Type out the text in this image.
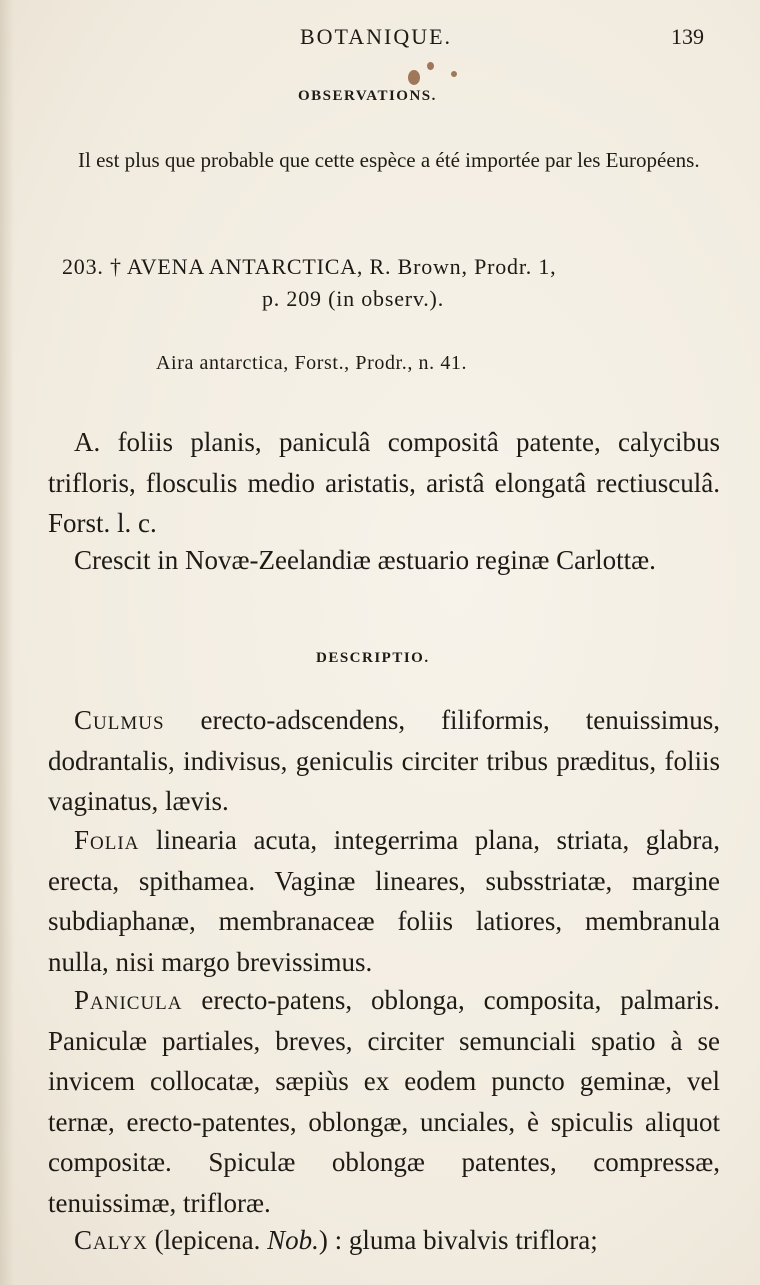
BOTANIQUE.	139
OBSERVATIONS.
Il est plus que probable que cette espèce a été importée par les Européens.
203. † AVENA ANTARCTICA, R. Brown, Prodr. 1,
p. 209 (in observ.).
Aira antarctica, Forst., Prodr., n. 41.
A. foliis planis, paniculâ compositâ patente, calycibus trifloris, flosculis medio aristatis, aristâ elongatâ rectiusculâ. Forst. l. c.
Crescit in Novæ-Zeelandiæ æstuario reginæ Carlottæ.
DESCRIPTIO.
Culmus erecto-adscendens, filiformis, tenuissimus, dodrantalis, indivisus, geniculis circiter tribus præditus, foliis vaginatus, lævis.
Folia linearia acuta, integerrima plana, striata, glabra, erecta, spithamea. Vaginæ lineares, subsstriatæ, margine subdiaphanæ, membranaceæ foliis latiores, membranula nulla, nisi margo brevissimus.
Panicula erecto-patens, oblonga, composita, palmaris. Paniculæ partiales, breves, circiter semunciali spatio à se invicem collocatæ, sæpiùs ex eodem puncto geminæ, vel ternæ, erecto-patentes, oblongæ, unciales, è spiculis aliquot compositæ. Spiculæ oblongæ patentes, compressæ, tenuissimæ, trifloræ.
Calyx (lepicena. Nob.) : gluma bivalvis triflora;
